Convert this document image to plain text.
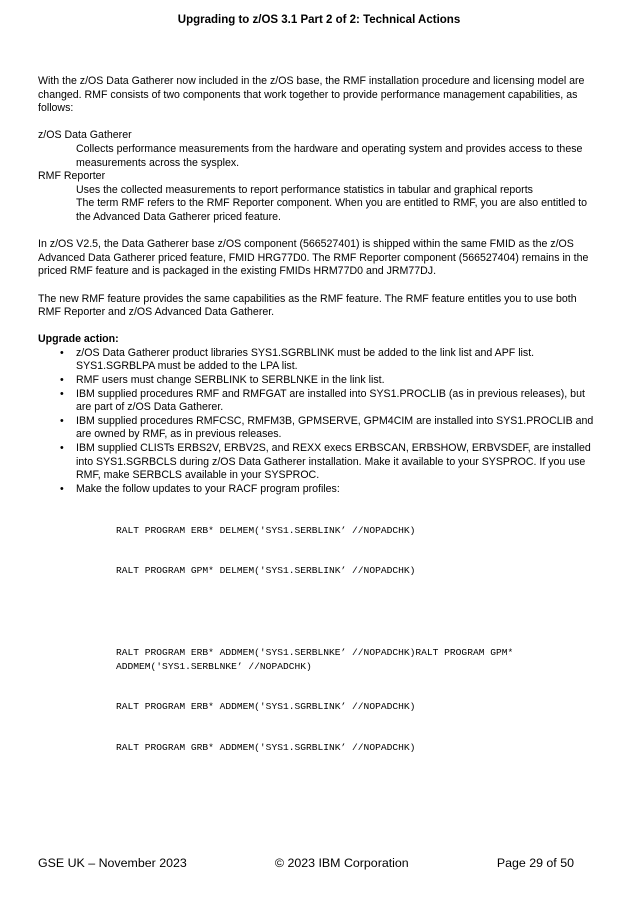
Upgrading to z/OS 3.1 Part 2 of 2: Technical Actions

With the z/OS Data Gatherer now included in the z/OS base, the RMF installation procedure and licensing model are changed. RMF consists of two components that work together to provide performance management capabilities, as follows:

z/OS Data Gatherer

Collects performance measurements from the hardware and operating system and provides access to these measurements across the sysplex.

RMF Reporter

Uses the collected measurements to report performance statistics in tabular and graphical reports

The term RMF refers to the RMF Reporter component. When you are entitled to RMF, you are also entitled to the Advanced Data Gatherer priced feature.

In z/OS V2.5, the Data Gatherer base z/OS component (566527401) is shipped within the same FMID as the z/OS Advanced Data Gatherer priced feature, FMID HRG77D0. The RMF Reporter component (566527404) remains in the priced RMF feature and is packaged in the existing FMIDs HRM77D0 and JRM77DJ.

The new RMF feature provides the same capabilities as the RMF feature. The RMF feature entitles you to use both RMF Reporter and z/OS Advanced Data Gatherer.

Upgrade action:

• z/OS Data Gatherer product libraries SYS1.SGRBLINK must be added to the link list and APF list. SYS1.SGRBLPA must be added to the LPA list.
• RMF users must change SERBLINK to SERBLNKE in the link list.
• IBM supplied procedures RMF and RMFGAT are installed into SYS1.PROCLIB (as in previous releases), but are part of z/OS Data Gatherer.
• IBM supplied procedures RMFCSC, RMFM3B, GPMSERVE, GPM4CIM are installed into SYS1.PROCLIB and are owned by RMF, as in previous releases.
• IBM supplied CLISTs ERBS2V, ERBV2S, and REXX execs ERBSCAN, ERBSHOW, ERBVSDEF, are installed into SYS1.SGRBCLS during z/OS Data Gatherer installation. Make it available to your SYSPROC. If you use RMF, make SERBCLS available in your SYSPROC.
• Make the follow updates to your RACF program profiles:

RALT PROGRAM ERB* DELMEM('SYS1.SERBLINK’ //NOPADCHK)

RALT PROGRAM GPM* DELMEM('SYS1.SERBLINK’ //NOPADCHK)

RALT PROGRAM ERB* ADDMEM('SYS1.SERBLNKE’ //NOPADCHK)RALT PROGRAM GPM* ADDMEM('SYS1.SERBLNKE’ //NOPADCHK)

RALT PROGRAM ERB* ADDMEM('SYS1.SGRBLINK’ //NOPADCHK)

RALT PROGRAM GRB* ADDMEM('SYS1.SGRBLINK’ //NOPADCHK)

GSE UK – November 2023	© 2023 IBM Corporation	Page 29 of 50
